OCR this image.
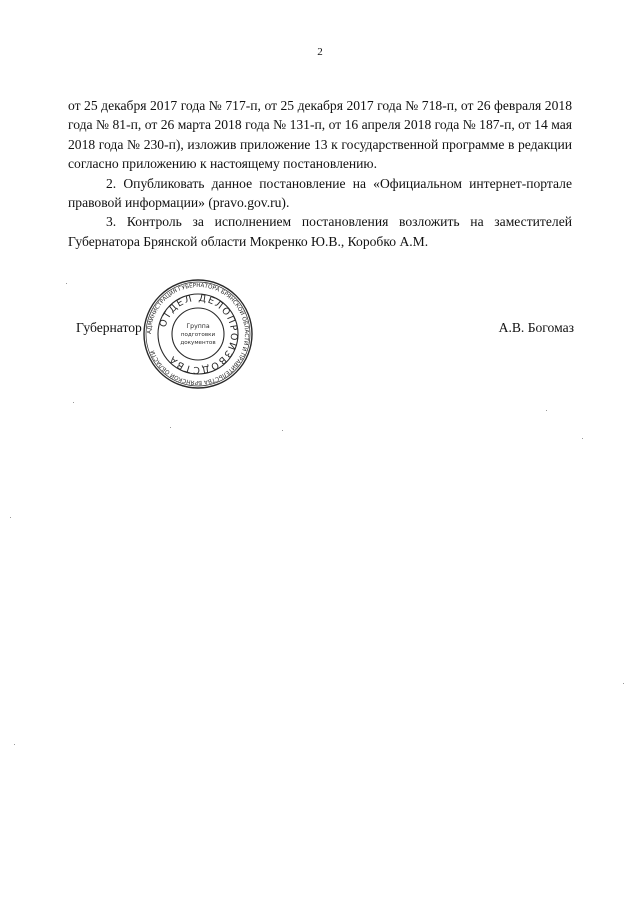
2

от 25 декабря 2017 года № 717-п, от 25 декабря 2017 года № 718-п, от 26 февраля 2018 года № 81-п, от 26 марта 2018 года № 131-п, от 16 апреля 2018 года № 187-п, от 14 мая 2018 года № 230-п), изложив приложение 13 к государственной программе в редакции согласно приложению к настоящему постановлению.

2. Опубликовать данное постановление на «Официальном интернет-портале правовой информации» (pravo.gov.ru).

3. Контроль за исполнением постановления возложить на заместителей Губернатора Брянской области Мокренко Ю.В., Коробко А.М.

Губернатор	А.В. Богомаз
АДМИНИСТРАЦИЯ ГУБЕРНАТОРА БРЯНСКОЙ ОБЛАСТИ И ПРАВИТЕЛЬСТВА БРЯНСКОЙ ОБЛАСТИ
ОТДЕЛ ДЕЛОПРОИЗВОДСТВА
Группа
подготовки
документов
